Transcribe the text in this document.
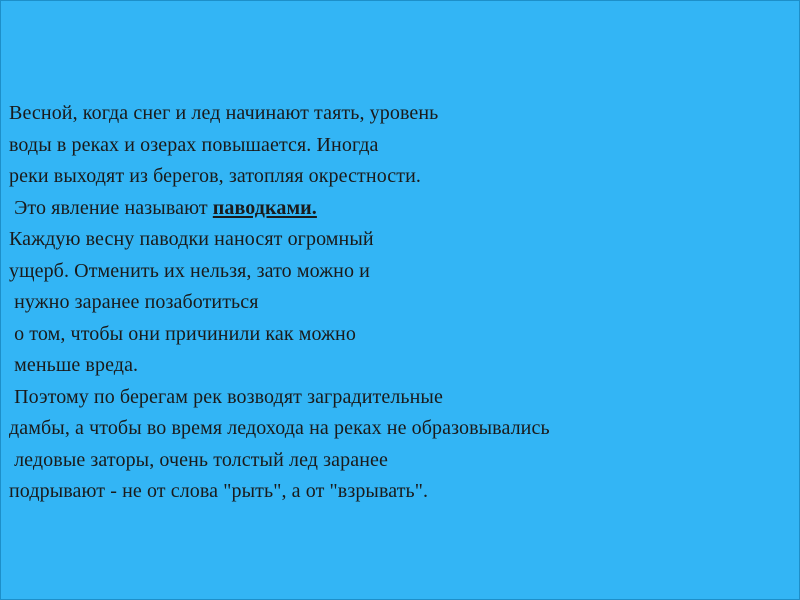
Весной, когда снег и лед начинают таять, уровень
воды в реках и озерах повышается. Иногда
реки выходят из берегов, затопляя окрестности.
Это явление называют паводками.
Каждую весну паводки наносят огромный
ущерб. Отменить их нельзя, зато можно и
нужно заранее позаботиться
о том, чтобы они причинили как можно
меньше вреда.
Поэтому по берегам рек возводят заградительные
дамбы, а чтобы во время ледохода на реках не образовывались
ледовые заторы, очень толстый лед заранее
подрывают - не от слова "рыть", а от "взрывать".
